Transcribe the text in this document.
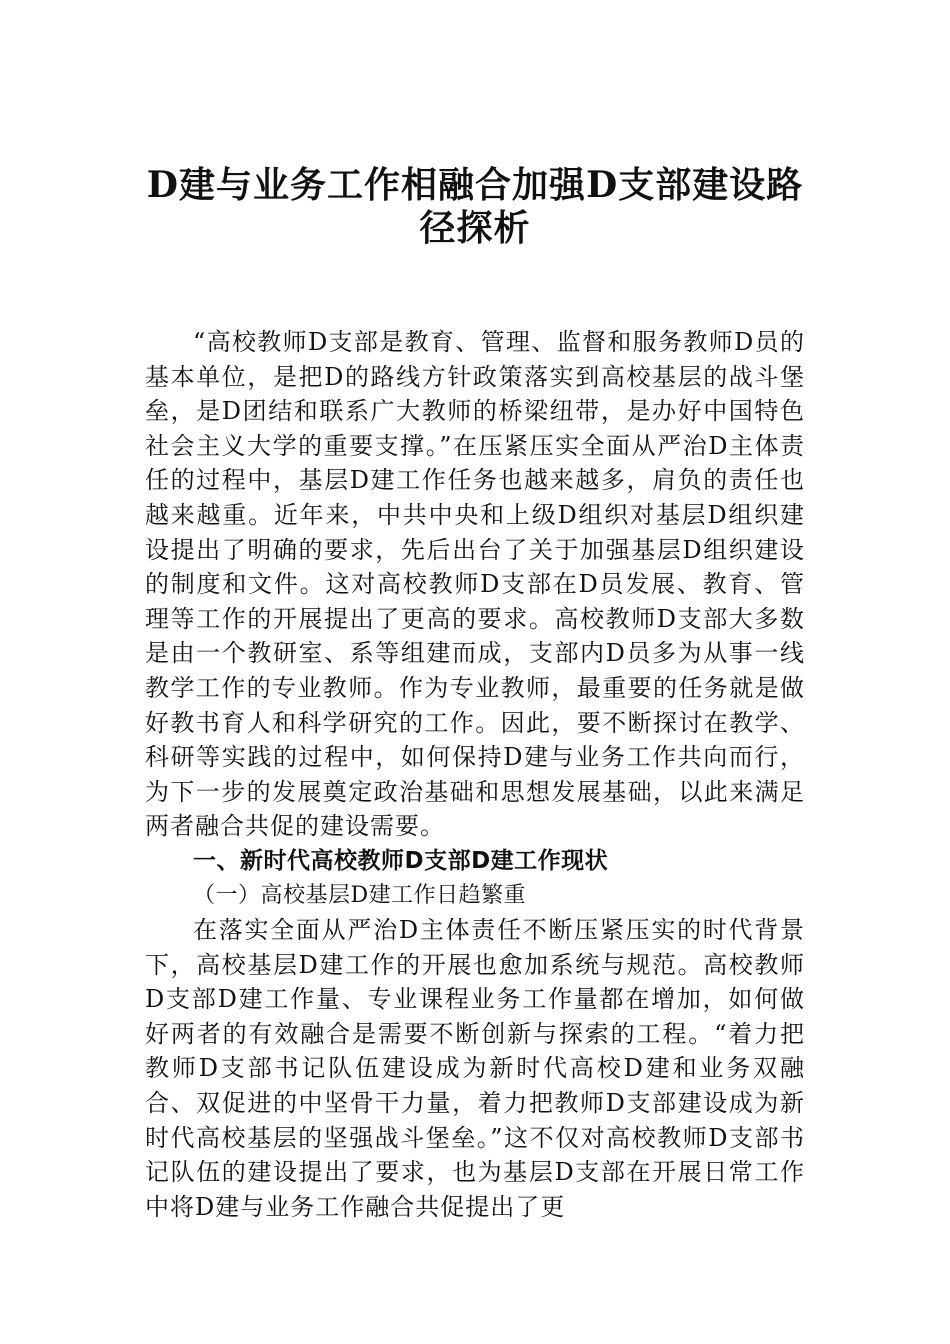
D建与业务工作相融合加强D支部建设路
径探析

“高校教师D支部是教育、管理、监督和服务教师D员的基本单位，是把D的路线方针政策落实到高校基层的战斗堡垒，是D团结和联系广大教师的桥梁纽带，是办好中国特色社会主义大学的重要支撑。”在压紧压实全面从严治D主体责任的过程中，基层D建工作任务也越来越多，肩负的责任也越来越重。近年来，中共中央和上级D组织对基层D组织建设提出了明确的要求，先后出台了关于加强基层D组织建设的制度和文件。这对高校教师D支部在D员发展、教育、管理等工作的开展提出了更高的要求。高校教师D支部大多数是由一个教研室、系等组建而成，支部内D员多为从事一线教学工作的专业教师。作为专业教师，最重要的任务就是做好教书育人和科学研究的工作。因此，要不断探讨在教学、科研等实践的过程中，如何保持D建与业务工作共向而行，为下一步的发展奠定政治基础和思想发展基础，以此来满足两者融合共促的建设需要。

一、新时代高校教师D支部D建工作现状

（一）高校基层D建工作日趋繁重

在落实全面从严治D主体责任不断压紧压实的时代背景下，高校基层D建工作的开展也愈加系统与规范。高校教师D支部D建工作量、专业课程业务工作量都在增加，如何做好两者的有效融合是需要不断创新与探索的工程。“着力把教师D支部书记队伍建设成为新时代高校D建和业务双融合、双促进的中坚骨干力量，着力把教师D支部建设成为新时代高校基层的坚强战斗堡垒。”这不仅对高校教师D支部书记队伍的建设提出了要求，也为基层D支部在开展日常工作中将D建与业务工作融合共促提出了更
